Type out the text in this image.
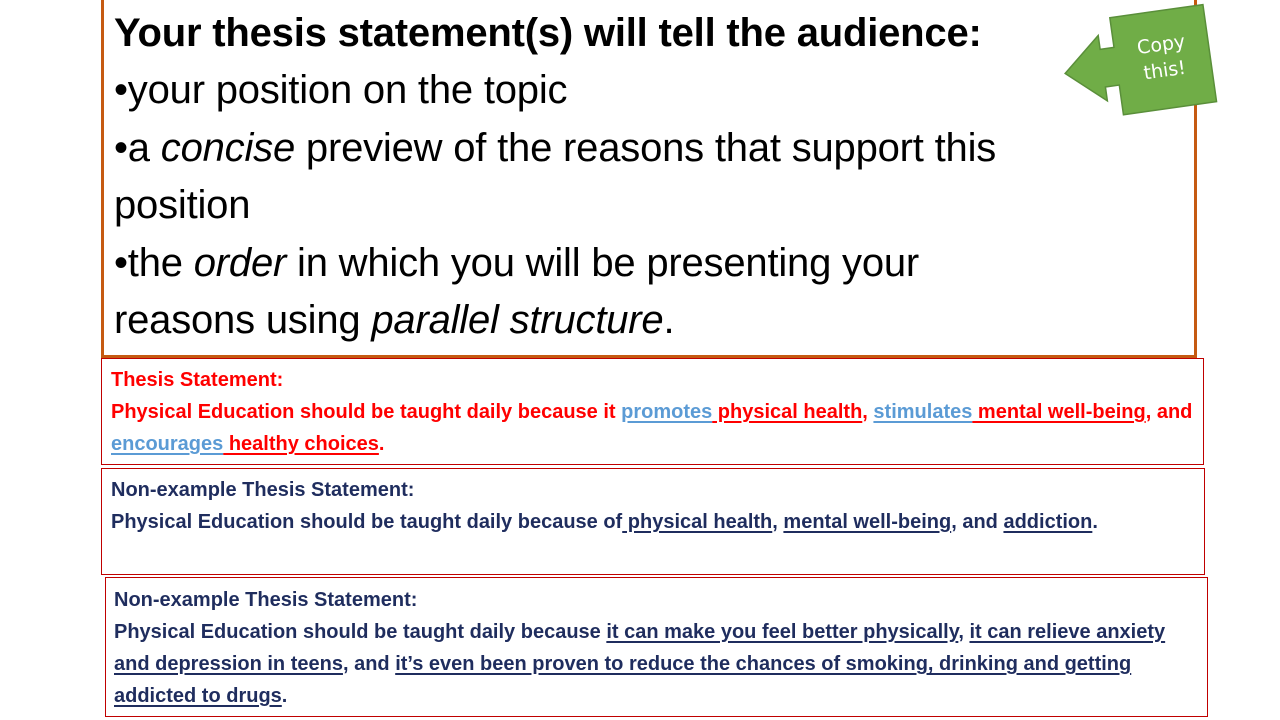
Your thesis statement(s) will tell the audience:
•your position on the topic
•a concise preview of the reasons that support this
position
•the order in which you will be presenting your
reasons using parallel structure.
Copy
this!
Thesis Statement:
Physical Education should be taught daily because it promotes physical health, stimulates mental well-being, and encourages healthy choices.
Non-example Thesis Statement:
Physical Education should be taught daily because of physical health, mental well-being, and addiction.
Non-example Thesis Statement:
Physical Education should be taught daily because it can make you feel better physically, it can relieve anxiety and depression in teens, and it’s even been proven to reduce the chances of smoking, drinking and getting addicted to drugs.
